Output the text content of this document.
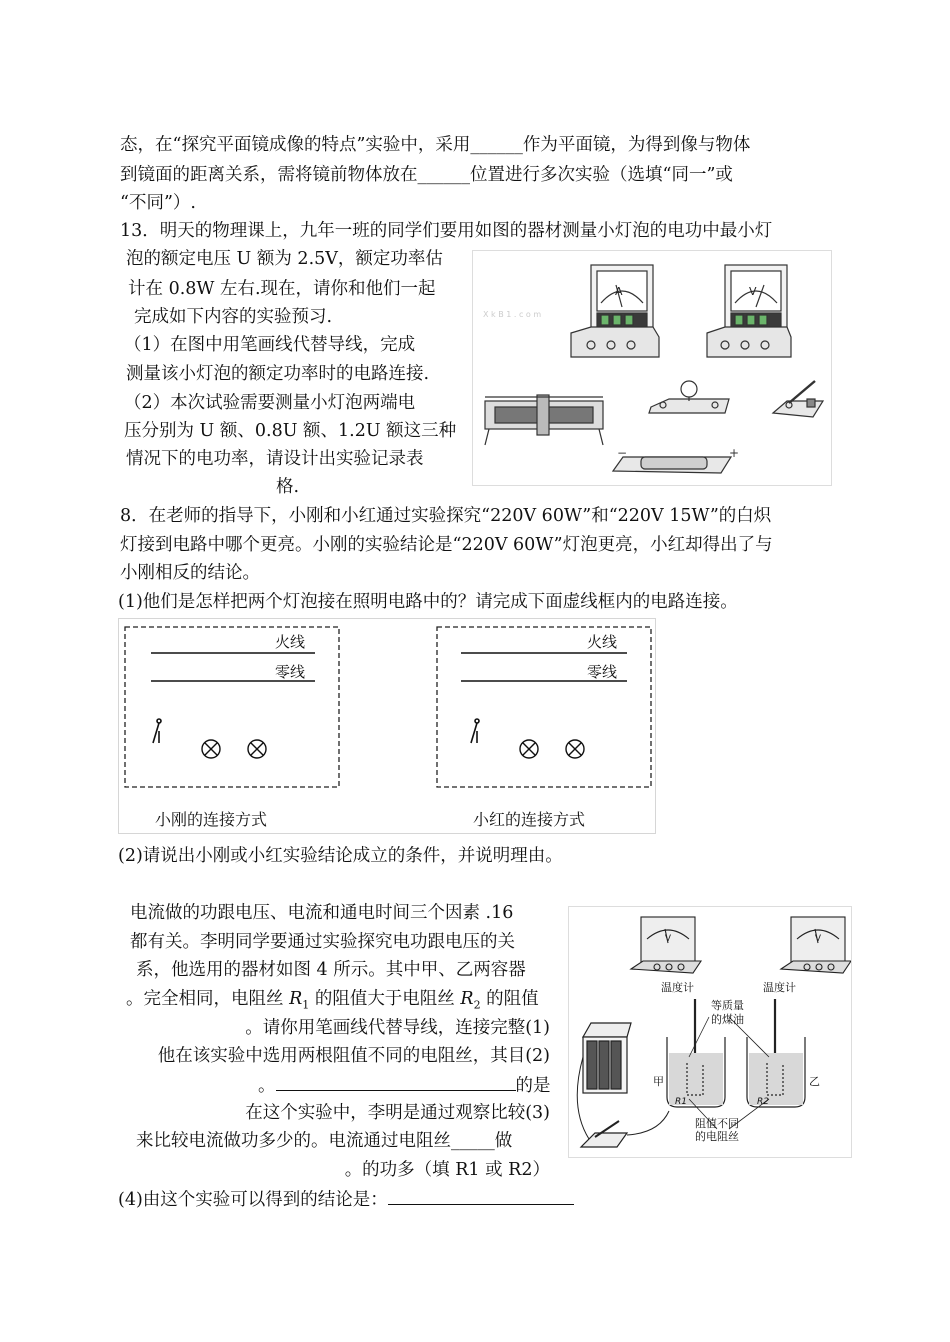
态，在“探究平面镜成像的特点”实验中，采用______作为平面镜，为得到像与物体
到镜面的距离关系，需将镜前物体放在______位置进行多次实验（选填“同一”或
“不同”）.
13．明天的物理课上，九年一班的同学们要用如图的器材测量小灯泡的电功中最小灯
泡的额定电压 U 额为 2.5V，额定功率估
计在 0.8W 左右.现在，请你和他们一起
完成如下内容的实验预习.
（1）在图中用笔画线代替导线，完成
测量该小灯泡的额定功率时的电路连接.
（2）本次试验需要测量小灯泡两端电
压分别为 U 额、0.8U 额、1.2U 额这三种
情况下的电功率，请设计出实验记录表
格.
A	V
−	+
X k B 1 . c o m
8．在老师的指导下，小刚和小红通过实验探究“220V 60W”和“220V 15W”的白炽
灯接到电路中哪个更亮。小刚的实验结论是“220V 60W”灯泡更亮，小红却得出了与
小刚相反的结论。
(1)他们是怎样把两个灯泡接在照明电路中的？请完成下面虚线框内的电路连接。
火线
零线
火线
零线
小刚的连接方式	小红的连接方式
(2)请说出小刚或小红实验结论成立的条件，并说明理由。
电流做的功跟电压、电流和通电时间三个因素 .16
都有关。李明同学要通过实验探究电功跟电压的关
系，他选用的器材如图 4 所示。其中甲、乙两容器
。完全相同，电阻丝 $R_1$ 的阻值大于电阻丝 $R_2$ 的阻值
。请你用笔画线代替导线，连接完整(1)
他在该实验中选用两根阻值不同的电阻丝，其目(2)
。	的是
在这个实验中，李明是通过观察比较(3)
来比较电流做功多少的。电流通过电阻丝_____做
。的功多（填 R1 或 R2）
(4)由这个实验可以得到的结论是：
V	V
温度计	温度计
等质量的煤油
甲	乙
R1	R2
阻值不同的电阻丝
